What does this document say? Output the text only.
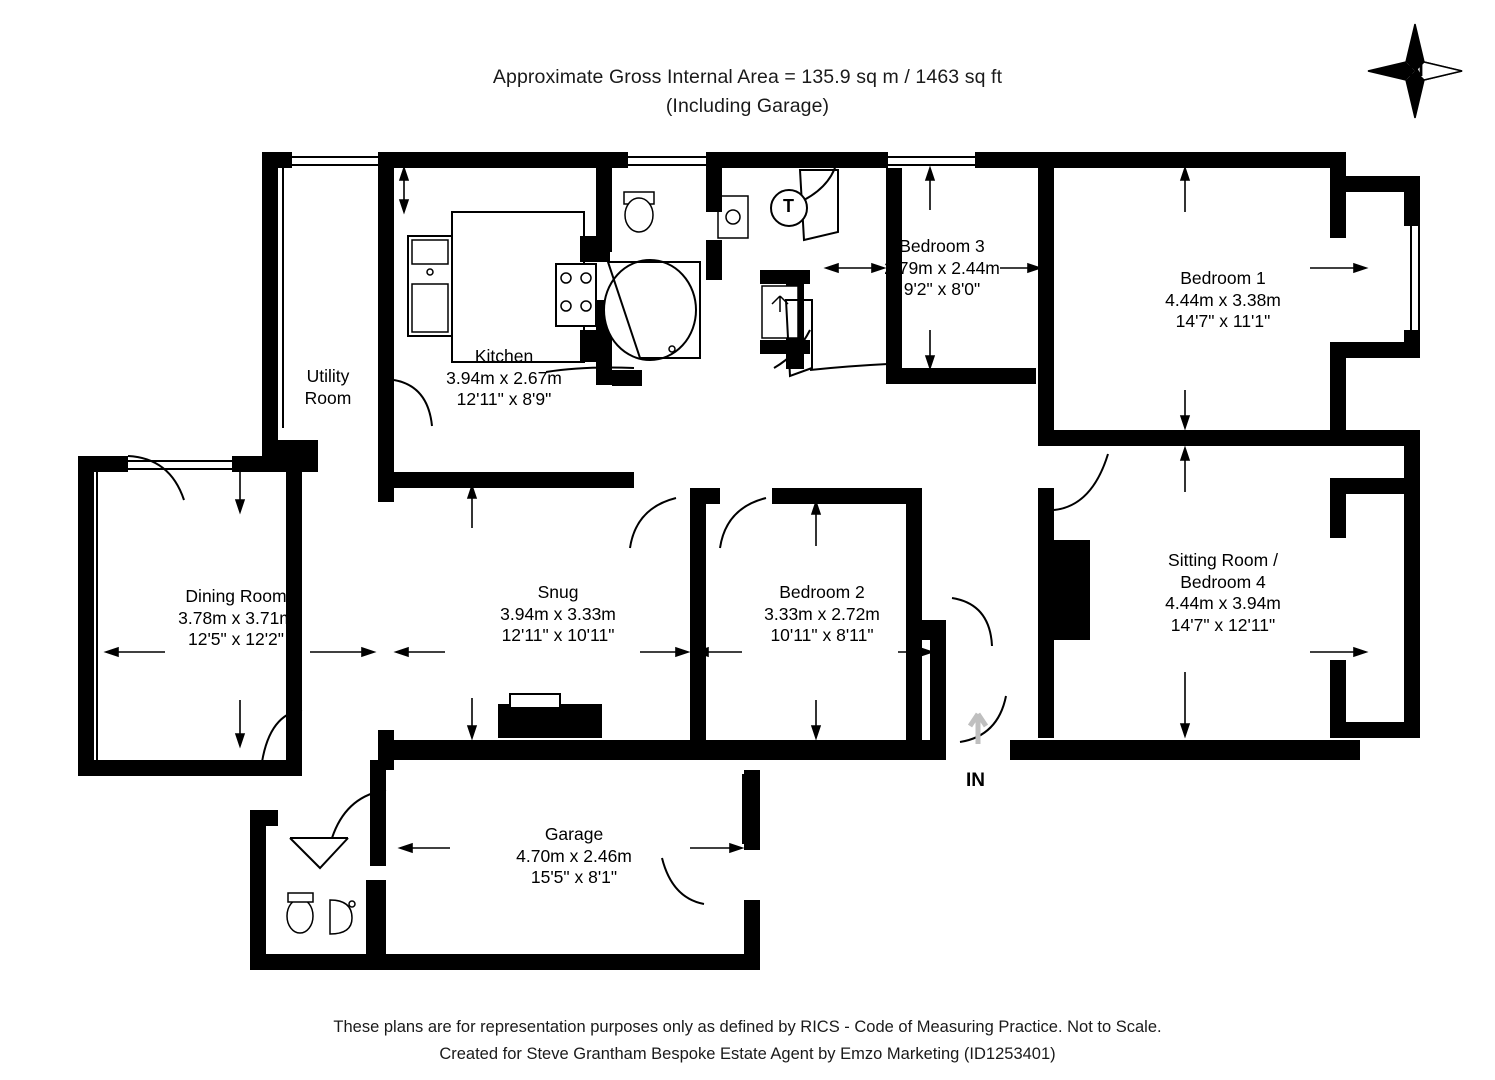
Approximate Gross Internal Area = 135.9 sq m / 1463 sq ft
(Including Garage)
N
T
IN
Utility
Room
Kitchen
3.94m x 2.67m
12'11" x 8'9"
Bedroom 3
2.79m x 2.44m
9'2" x 8'0"
Bedroom 1
4.44m x 3.38m
14'7" x 11'1"
Sitting Room /
Bedroom 4
4.44m x 3.94m
14'7" x 12'11"
Dining Room
3.78m x 3.71m
12'5" x 12'2"
Snug
3.94m x 3.33m
12'11" x 10'11"
Bedroom 2
3.33m x 2.72m
10'11" x 8'11"
Garage
4.70m x 2.46m
15'5" x 8'1"
These plans are for representation purposes only as defined by RICS - Code of Measuring Practice. Not to Scale.
Created for Steve Grantham Bespoke Estate Agent by Emzo Marketing (ID1253401)
